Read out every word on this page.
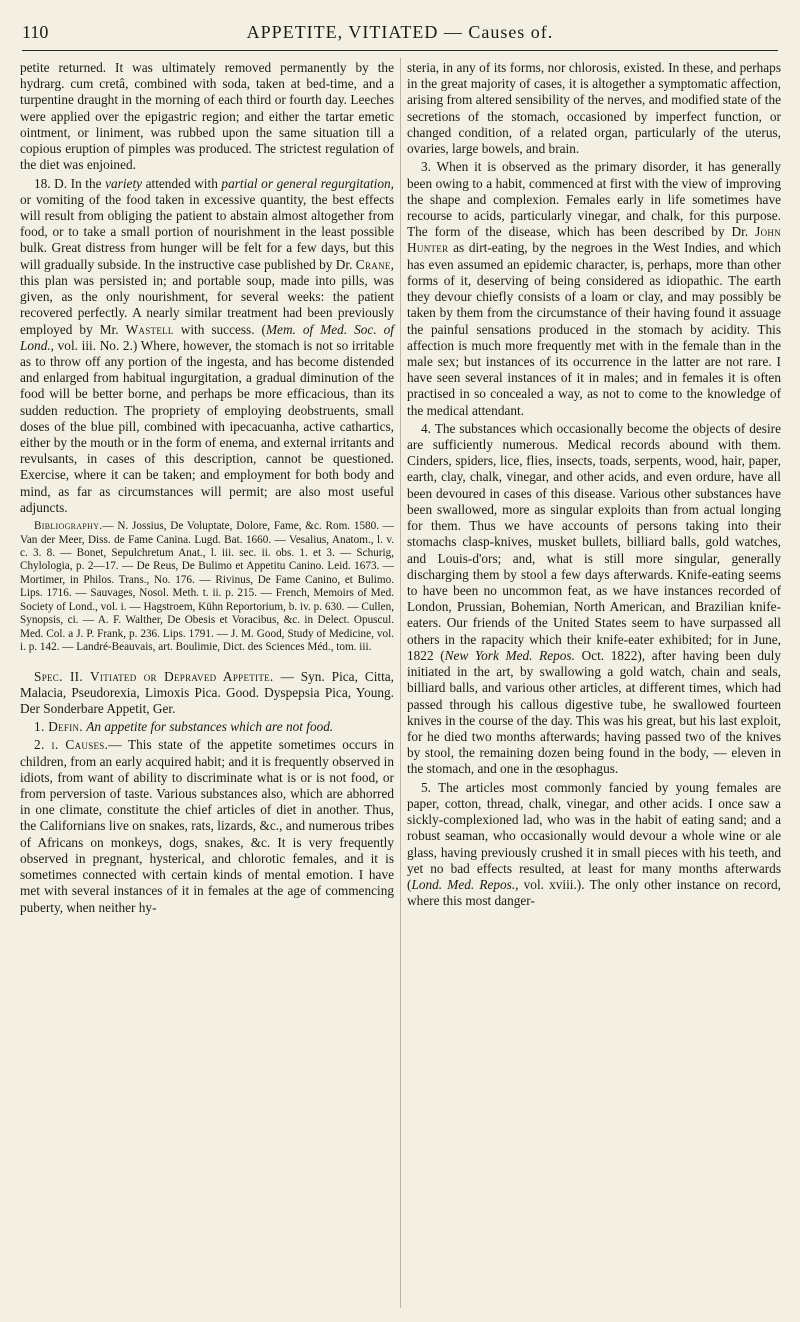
110	APPETITE, VITIATED — Causes of.

petite returned. It was ultimately removed permanently by the hydrarg. cum cretâ, combined with soda, taken at bed-time, and a turpentine draught in the morning of each third or fourth day. Leeches were applied over the epigastric region; and either the tartar emetic ointment, or liniment, was rubbed upon the same situation till a copious eruption of pimples was produced. The strictest regulation of the diet was enjoined.

18. D. In the variety attended with partial or general regurgitation, or vomiting of the food taken in excessive quantity, the best effects will result from obliging the patient to abstain almost altogether from food, or to take a small portion of nourishment in the least possible bulk. Great distress from hunger will be felt for a few days, but this will gradually subside. In the instructive case published by Dr. Crane, this plan was persisted in; and portable soup, made into pills, was given, as the only nourishment, for several weeks: the patient recovered perfectly. A nearly similar treatment had been previously employed by Mr. Wastell with success. (Mem. of Med. Soc. of Lond., vol. iii. No. 2.) Where, however, the stomach is not so irritable as to throw off any portion of the ingesta, and has become distended and enlarged from habitual ingurgitation, a gradual diminution of the food will be better borne, and perhaps be more efficacious, than its sudden reduction. The propriety of employing deobstruents, small doses of the blue pill, combined with ipecacuanha, active cathartics, either by the mouth or in the form of enema, and external irritants and revulsants, in cases of this description, cannot be questioned. Exercise, where it can be taken; and employment for both body and mind, as far as circumstances will permit; are also most useful adjuncts.

Bibliography.— N. Jossius, De Voluptate, Dolore, Fame, &c. Rom. 1580. — Van der Meer, Diss. de Fame Canina. Lugd. Bat. 1660. — Vesalius, Anatom., l. v. c. 3. 8. — Bonet, Sepulchretum Anat., l. iii. sec. ii. obs. 1. et 3. — Schurig, Chylologia, p. 2—17. — De Reus, De Bulimo et Appetitu Canino. Leid. 1673. — Mortimer, in Philos. Trans., No. 176. — Rivinus, De Fame Canino, et Bulimo. Lips. 1716. — Sauvages, Nosol. Meth. t. ii. p. 215. — French, Memoirs of Med. Society of Lond., vol. i. — Hagstroem, Kühn Reportorium, b. iv. p. 630. — Cullen, Synopsis, ci. — A. F. Walther, De Obesis et Voracibus, &c. in Delect. Opuscul. Med. Col. a J. P. Frank, p. 236. Lips. 1791. — J. M. Good, Study of Medicine, vol. i. p. 142. — Landré-Beauvais, art. Boulimie, Dict. des Sciences Méd., tom. iii.

Spec. II. Vitiated or Depraved Appetite. — Syn. Pica, Citta, Malacia, Pseudorexia, Limoxis Pica. Good. Dyspepsia Pica, Young. Der Sonderbare Appetit, Ger.

1. Defin. An appetite for substances which are not food.

2. i. Causes.— This state of the appetite sometimes occurs in children, from an early acquired habit; and it is frequently observed in idiots, from want of ability to discriminate what is or is not food, or from perversion of taste. Various substances also, which are abhorred in one climate, constitute the chief articles of diet in another. Thus, the Californians live on snakes, rats, lizards, &c., and numerous tribes of Africans on monkeys, dogs, snakes, &c. It is very frequently observed in pregnant, hysterical, and chlorotic females, and it is sometimes connected with certain kinds of mental emotion. I have met with several instances of it in females at the age of commencing puberty, when neither hy-

steria, in any of its forms, nor chlorosis, existed. In these, and perhaps in the great majority of cases, it is altogether a symptomatic affection, arising from altered sensibility of the nerves, and modified state of the secretions of the stomach, occasioned by imperfect function, or changed condition, of a related organ, particularly of the uterus, ovaries, large bowels, and brain.

3. When it is observed as the primary disorder, it has generally been owing to a habit, commenced at first with the view of improving the shape and complexion. Females early in life sometimes have recourse to acids, particularly vinegar, and chalk, for this purpose. The form of the disease, which has been described by Dr. John Hunter as dirt-eating, by the negroes in the West Indies, and which has even assumed an epidemic character, is, perhaps, more than other forms of it, deserving of being considered as idiopathic. The earth they devour chiefly consists of a loam or clay, and may possibly be taken by them from the circumstance of their having found it assuage the painful sensations produced in the stomach by acidity. This affection is much more frequently met with in the female than in the male sex; but instances of its occurrence in the latter are not rare. I have seen several instances of it in males; and in females it is often practised in so concealed a way, as not to come to the knowledge of the medical attendant.

4. The substances which occasionally become the objects of desire are sufficiently numerous. Medical records abound with them. Cinders, spiders, lice, flies, insects, toads, serpents, wood, hair, paper, earth, clay, chalk, vinegar, and other acids, and even ordure, have all been devoured in cases of this disease. Various other substances have been swallowed, more as singular exploits than from actual longing for them. Thus we have accounts of persons taking into their stomachs clasp-knives, musket bullets, billiard balls, gold watches, and Louis-d'ors; and, what is still more singular, generally discharging them by stool a few days afterwards. Knife-eating seems to have been no uncommon feat, as we have instances recorded of London, Prussian, Bohemian, North American, and Brazilian knife-eaters. Our friends of the United States seem to have surpassed all others in the rapacity which their knife-eater exhibited; for in June, 1822 (New York Med. Repos. Oct. 1822), after having been duly initiated in the art, by swallowing a gold watch, chain and seals, billiard balls, and various other articles, at different times, which had passed through his callous digestive tube, he swallowed fourteen knives in the course of the day. This was his great, but his last exploit, for he died two months afterwards; having passed two of the knives by stool, the remaining dozen being found in the body, — eleven in the stomach, and one in the œsophagus.

5. The articles most commonly fancied by young females are paper, cotton, thread, chalk, vinegar, and other acids. I once saw a sickly-complexioned lad, who was in the habit of eating sand; and a robust seaman, who occasionally would devour a whole wine or ale glass, having previously crushed it in small pieces with his teeth, and yet no bad effects resulted, at least for many months afterwards (Lond. Med. Repos., vol. xviii.). The only other instance on record, where this most danger-
